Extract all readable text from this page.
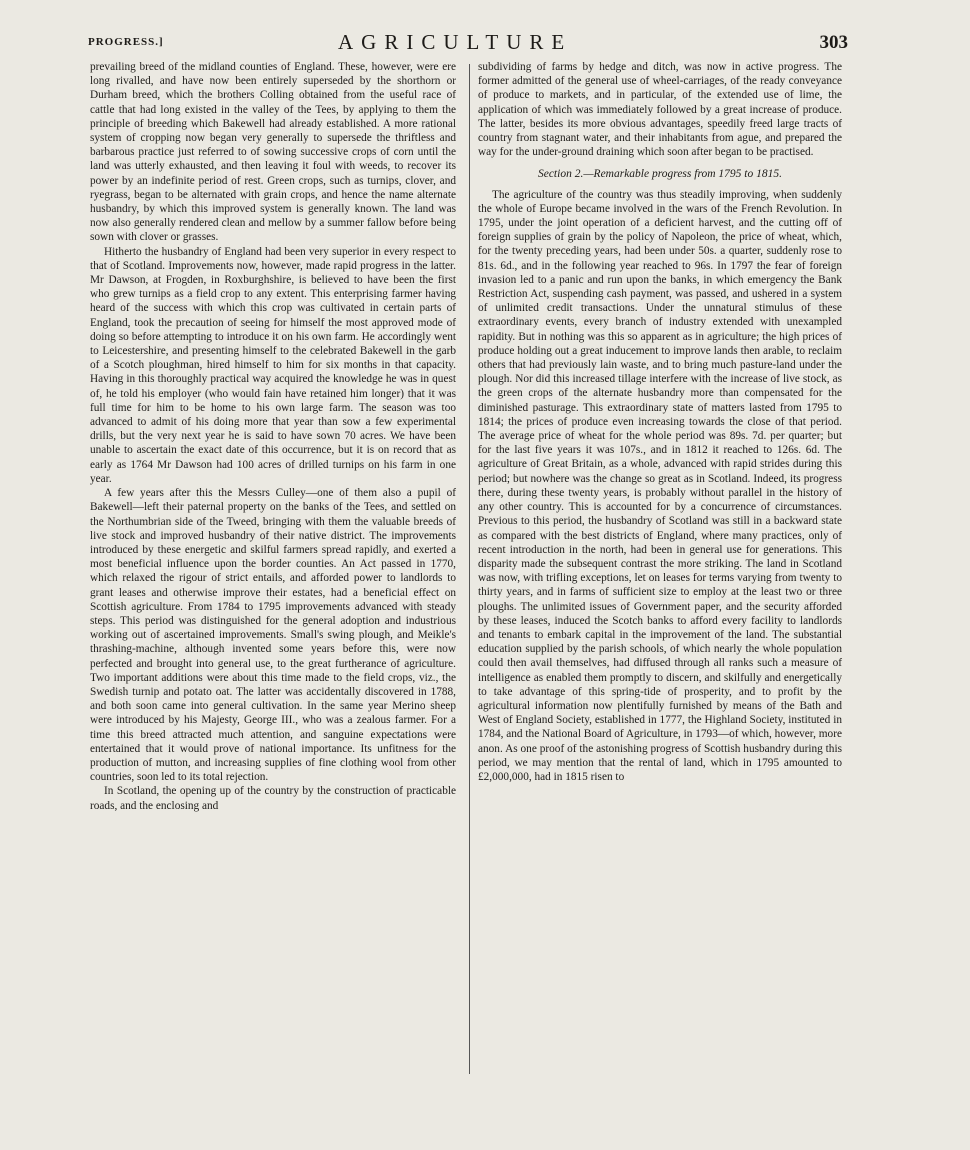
PROGRESS.]	AGRICULTURE	303

prevailing breed of the midland counties of England. These, however, were ere long rivalled, and have now been entirely superseded by the shorthorn or Durham breed, which the brothers Colling obtained from the useful race of cattle that had long existed in the valley of the Tees, by applying to them the principle of breeding which Bakewell had already established. A more rational system of cropping now began very generally to supersede the thriftless and barbarous practice just referred to of sowing successive crops of corn until the land was utterly exhausted, and then leaving it foul with weeds, to recover its power by an indefinite period of rest. Green crops, such as turnips, clover, and ryegrass, began to be alternated with grain crops, and hence the name alternate husbandry, by which this improved system is generally known. The land was now also generally rendered clean and mellow by a summer fallow before being sown with clover or grasses.

Hitherto the husbandry of England had been very superior in every respect to that of Scotland. Improvements now, however, made rapid progress in the latter. Mr Dawson, at Frogden, in Roxburghshire, is believed to have been the first who grew turnips as a field crop to any extent. This enterprising farmer having heard of the success with which this crop was cultivated in certain parts of England, took the precaution of seeing for himself the most approved mode of doing so before attempting to introduce it on his own farm. He accordingly went to Leicestershire, and presenting himself to the celebrated Bakewell in the garb of a Scotch ploughman, hired himself to him for six months in that capacity. Having in this thoroughly practical way acquired the knowledge he was in quest of, he told his employer (who would fain have retained him longer) that it was full time for him to be home to his own large farm. The season was too advanced to admit of his doing more that year than sow a few experimental drills, but the very next year he is said to have sown 70 acres. We have been unable to ascertain the exact date of this occurrence, but it is on record that as early as 1764 Mr Dawson had 100 acres of drilled turnips on his farm in one year.

A few years after this the Messrs Culley—one of them also a pupil of Bakewell—left their paternal property on the banks of the Tees, and settled on the Northumbrian side of the Tweed, bringing with them the valuable breeds of live stock and improved husbandry of their native district. The improvements introduced by these energetic and skilful farmers spread rapidly, and exerted a most beneficial influence upon the border counties. An Act passed in 1770, which relaxed the rigour of strict entails, and afforded power to landlords to grant leases and otherwise improve their estates, had a beneficial effect on Scottish agriculture. From 1784 to 1795 improvements advanced with steady steps. This period was distinguished for the general adoption and industrious working out of ascertained improvements. Small's swing plough, and Meikle's thrashing-machine, although invented some years before this, were now perfected and brought into general use, to the great furtherance of agriculture. Two important additions were about this time made to the field crops, viz., the Swedish turnip and potato oat. The latter was accidentally discovered in 1788, and both soon came into general cultivation. In the same year Merino sheep were introduced by his Majesty, George III., who was a zealous farmer. For a time this breed attracted much attention, and sanguine expectations were entertained that it would prove of national importance. Its unfitness for the production of mutton, and increasing supplies of fine clothing wool from other countries, soon led to its total rejection.

In Scotland, the opening up of the country by the construction of practicable roads, and the enclosing and

subdividing of farms by hedge and ditch, was now in active progress. The former admitted of the general use of wheel-carriages, of the ready conveyance of produce to markets, and in particular, of the extended use of lime, the application of which was immediately followed by a great increase of produce. The latter, besides its more obvious advantages, speedily freed large tracts of country from stagnant water, and their inhabitants from ague, and prepared the way for the under-ground draining which soon after began to be practised.

Section 2.—Remarkable progress from 1795 to 1815.

The agriculture of the country was thus steadily improving, when suddenly the whole of Europe became involved in the wars of the French Revolution. In 1795, under the joint operation of a deficient harvest, and the cutting off of foreign supplies of grain by the policy of Napoleon, the price of wheat, which, for the twenty preceding years, had been under 50s. a quarter, suddenly rose to 81s. 6d., and in the following year reached to 96s. In 1797 the fear of foreign invasion led to a panic and run upon the banks, in which emergency the Bank Restriction Act, suspending cash payment, was passed, and ushered in a system of unlimited credit transactions. Under the unnatural stimulus of these extraordinary events, every branch of industry extended with unexampled rapidity. But in nothing was this so apparent as in agriculture; the high prices of produce holding out a great inducement to improve lands then arable, to reclaim others that had previously lain waste, and to bring much pasture-land under the plough. Nor did this increased tillage interfere with the increase of live stock, as the green crops of the alternate husbandry more than compensated for the diminished pasturage. This extraordinary state of matters lasted from 1795 to 1814; the prices of produce even increasing towards the close of that period. The average price of wheat for the whole period was 89s. 7d. per quarter; but for the last five years it was 107s., and in 1812 it reached to 126s. 6d. The agriculture of Great Britain, as a whole, advanced with rapid strides during this period; but nowhere was the change so great as in Scotland. Indeed, its progress there, during these twenty years, is probably without parallel in the history of any other country. This is accounted for by a concurrence of circumstances. Previous to this period, the husbandry of Scotland was still in a backward state as compared with the best districts of England, where many practices, only of recent introduction in the north, had been in general use for generations. This disparity made the subsequent contrast the more striking. The land in Scotland was now, with trifling exceptions, let on leases for terms varying from twenty to thirty years, and in farms of sufficient size to employ at the least two or three ploughs. The unlimited issues of Government paper, and the security afforded by these leases, induced the Scotch banks to afford every facility to landlords and tenants to embark capital in the improvement of the land. The substantial education supplied by the parish schools, of which nearly the whole population could then avail themselves, had diffused through all ranks such a measure of intelligence as enabled them promptly to discern, and skilfully and energetically to take advantage of this spring-tide of prosperity, and to profit by the agricultural information now plentifully furnished by means of the Bath and West of England Society, established in 1777, the Highland Society, instituted in 1784, and the National Board of Agriculture, in 1793—of which, however, more anon. As one proof of the astonishing progress of Scottish husbandry during this period, we may mention that the rental of land, which in 1795 amounted to £2,000,000, had in 1815 risen to
